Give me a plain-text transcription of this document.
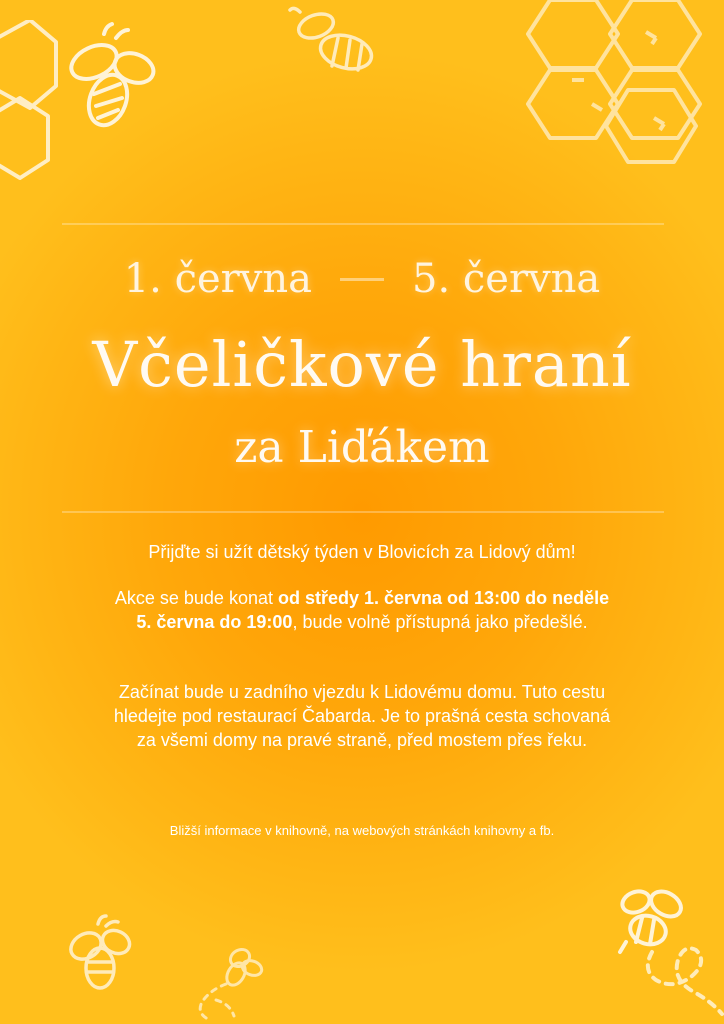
1. června	5. června
Včeličkové hraní
za Liďákem
Přijďte si užít dětský týden v Blovicích za Lidový dům!
Akce se bude konat od středy 1. června od 13:00 do neděle 5. června do 19:00, bude volně přístupná jako předešlé.
Začínat bude u zadního vjezdu k Lidovému domu. Tuto cestu hledejte pod restaurací Čabarda. Je to prašná cesta schovaná za všemi domy na pravé straně, před mostem přes řeku.
Bližší informace v knihovně, na webových stránkách knihovny a fb.
